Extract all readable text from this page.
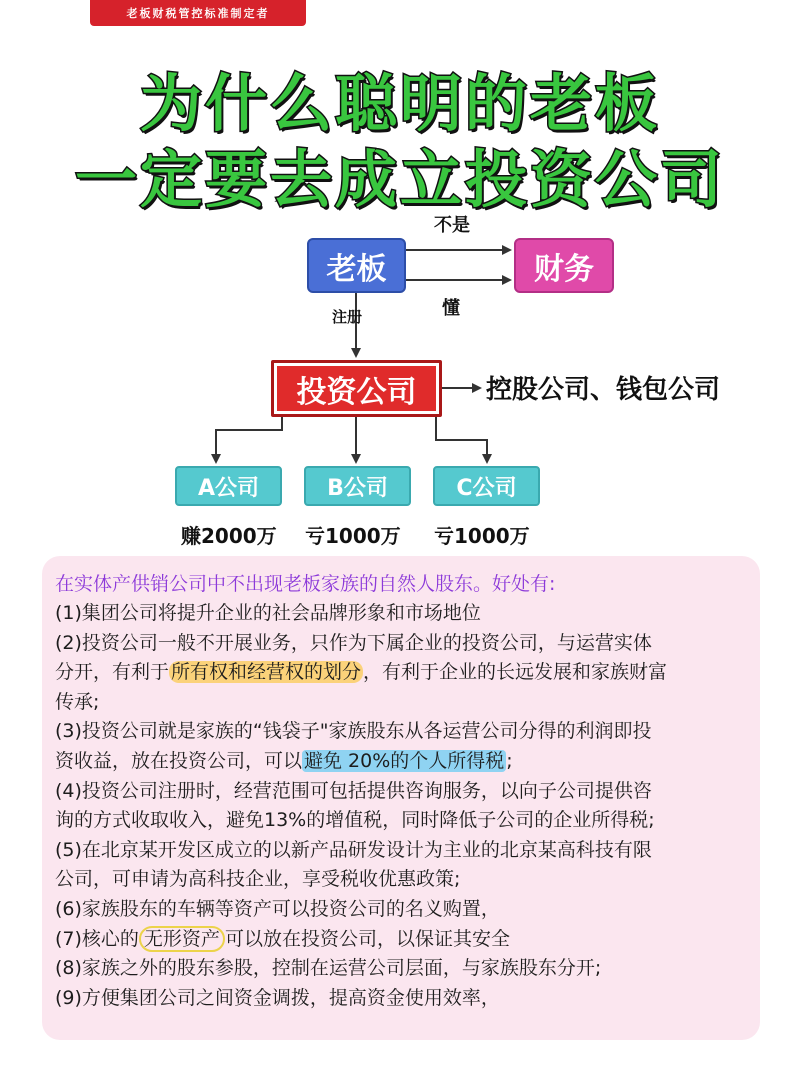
老板财税管控标准制定者
为什么聪明的老板
一定要去成立投资公司
老板	财务
不是
懂
注册
投资公司	控股公司、钱包公司
A公司	B公司	C公司
赚2000万 亏1000万 亏1000万

在实体产供销公司中不出现老板家族的自然人股东。好处有:

(1)集团公司将提升企业的社会品牌形象和市场地位

(2)投资公司一般不开展业务，只作为下属企业的投资公司，与运营实体

分开，有利于 所有权和经营权的划分 ，有利于企业的长远发展和家族财富

传承;

(3)投资公司就是家族的“钱袋子"家族股东从各运营公司分得的利润即投

资收益，放在投资公司，可以 避免 20%的个人所得税 ;

(4)投资公司注册时，经营范围可包括提供咨询服务，以向子公司提供咨

询的方式收取收入，避免13%的增值税，同时降低子公司的企业所得税;

(5)在北京某开发区成立的以新产品研发设计为主业的北京某高科技有限

公司，可申请为高科技企业，享受税收优惠政策;

(6)家族股东的车辆等资产可以投资公司的名义购置，

(7)核心的 无形资产 可以放在投资公司，以保证其安全

(8)家族之外的股东参股，控制在运营公司层面，与家族股东分开;

(9)方便集团公司之间资金调拨，提高资金使用效率，
